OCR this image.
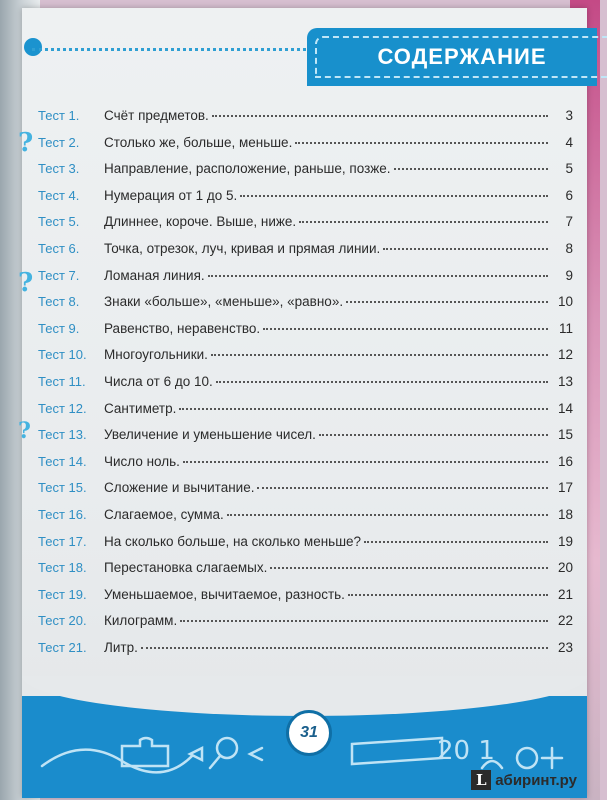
СОДЕРЖАНИЕ
?
?
?
Тест 1.	Счёт предметов.	3
Тест 2.	Столько же, больше, меньше.	4
Тест 3.	Направление, расположение, раньше, позже.	5
Тест 4.	Нумерация от 1 до 5.	6
Тест 5.	Длиннее, короче. Выше, ниже.	7
Тест 6.	Точка, отрезок, луч, кривая и прямая линии.	8
Тест 7.	Ломаная линия.	9
Тест 8.	Знаки «больше», «меньше», «равно».	10
Тест 9.	Равенство, неравенство.	11
Тест 10.	Многоугольники.	12
Тест 11.	Числа от 6 до 10.	13
Тест 12.	Сантиметр.	14
Тест 13.	Увеличение и уменьшение чисел.	15
Тест 14.	Число ноль.	16
Тест 15.	Сложение и вычитание.	17
Тест 16.	Слагаемое, сумма.	18
Тест 17.	На сколько больше, на сколько меньше?	19
Тест 18.	Перестановка слагаемых.	20
Тест 19.	Уменьшаемое, вычитаемое, разность.	21
Тест 20.	Килограмм.	22
Тест 21.	Литр.	23
20 1
31
L абиринт.ру
